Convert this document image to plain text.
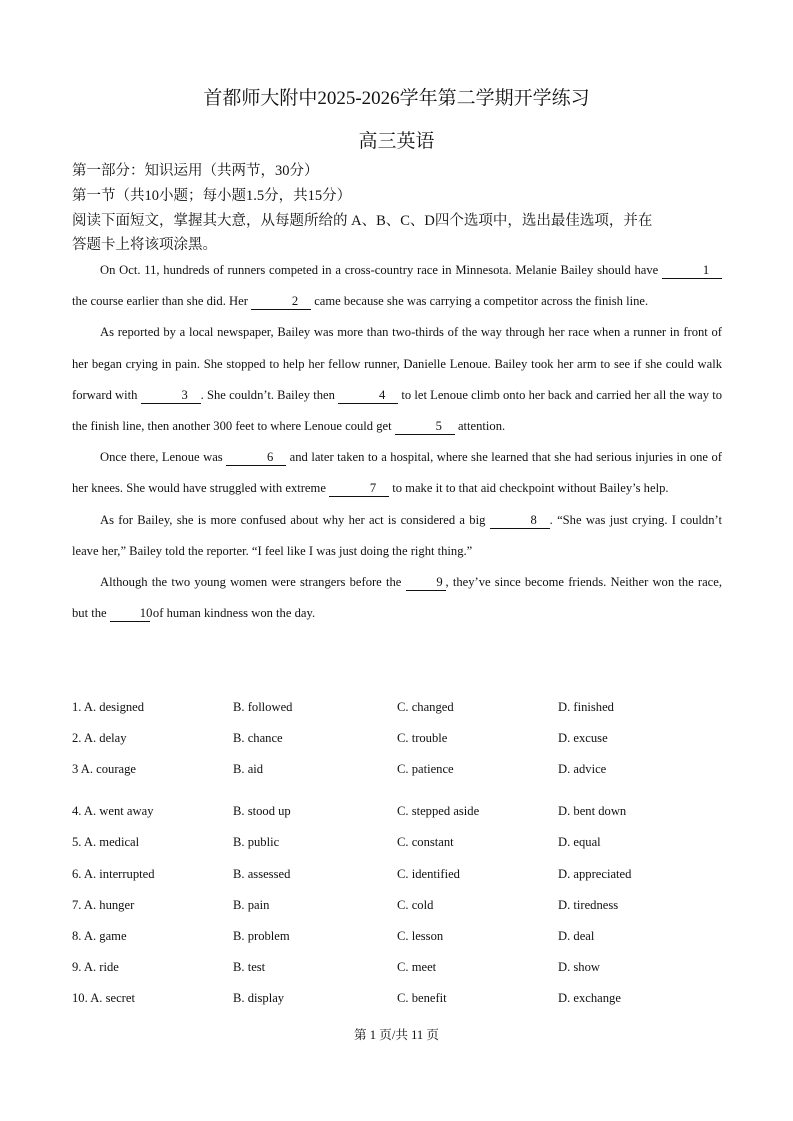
首都师大附中2025-2026学年第二学期开学练习
高三英语
第一部分：知识运用（共两节，30分）
第一节（共10小题；每小题1.5分，共15分）
阅读下面短文，掌握其大意，从每题所给的 A、B、C、D四个选项中，选出最佳选项，并在
答题卡上将该项涂黑。

On Oct. 11, hundreds of runners competed in a cross-country race in Minnesota. Melanie Bailey should have	1 the course earlier than she did. Her	2 came because she was carrying a competitor across the finish line.

As reported by a local newspaper, Bailey was more than two-thirds of the way through her race when a runner in front of her began crying in pain. She stopped to help her fellow runner, Danielle Lenoue. Bailey took her arm to see if she could walk forward with	3 . She couldn’t. Bailey then	4 to let Lenoue climb onto her back and carried her all the way to the finish line, then another 300 feet to where Lenoue could get	5 attention.

Once there, Lenoue was	6 and later taken to a hospital, where she learned that she had serious injuries in one of her knees. She would have struggled with extreme	7 to make it to that aid checkpoint without Bailey’s help.

As for Bailey, she is more confused about why her act is considered a big	8 . “She was just crying. I couldn’t leave her,” Bailey told the reporter. “I feel like I was just doing the right thing.”

Although the two young women were strangers before the 9 , they’ve since become friends. Neither won the race, but the 10 of human kindness won the day.

1. A. designed	B. followed	C. changed	D. finished
2. A. delay	B. chance	C. trouble	D. excuse
3 A. courage	B. aid	C. patience	D. advice
4. A. went away	B. stood up	C. stepped aside	D. bent down
5. A. medical	B. public	C. constant	D. equal
6. A. interrupted	B. assessed	C. identified	D. appreciated
7. A. hunger	B. pain	C. cold	D. tiredness
8. A. game	B. problem	C. lesson	D. deal
9. A. ride	B. test	C. meet	D. show
10. A. secret	B. display	C. benefit	D. exchange
第 1 页/共 11 页
